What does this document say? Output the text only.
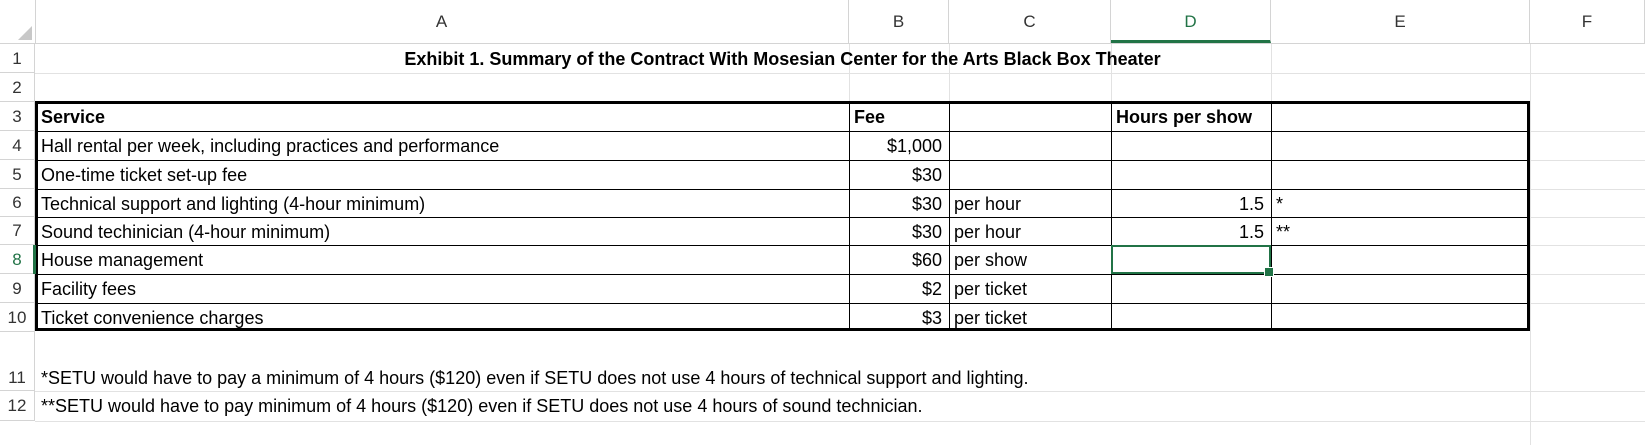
A	B	C	D	E	F
1
2
3
4
5
6
7
8
9
10
11
12
Exhibit 1. Summary of the Contract With Mosesian Center for the Arts Black Box Theater
Service	Fee	Hours per show
Hall rental per week, including practices and performance	$1,000
One-time ticket set-up fee	$30
Technical support and lighting (4-hour minimum)	$30 per hour	1.5 *
Sound techinician (4-hour minimum)	$30 per hour	1.5 **
House management	$60 per show
Facility fees	$2 per ticket
Ticket convenience charges	$3 per ticket
*SETU would have to pay a minimum of 4 hours ($120) even if SETU does not use 4 hours of technical support and lighting.
**SETU would have to pay minimum of 4 hours ($120) even if SETU does not use 4 hours of sound technician.
